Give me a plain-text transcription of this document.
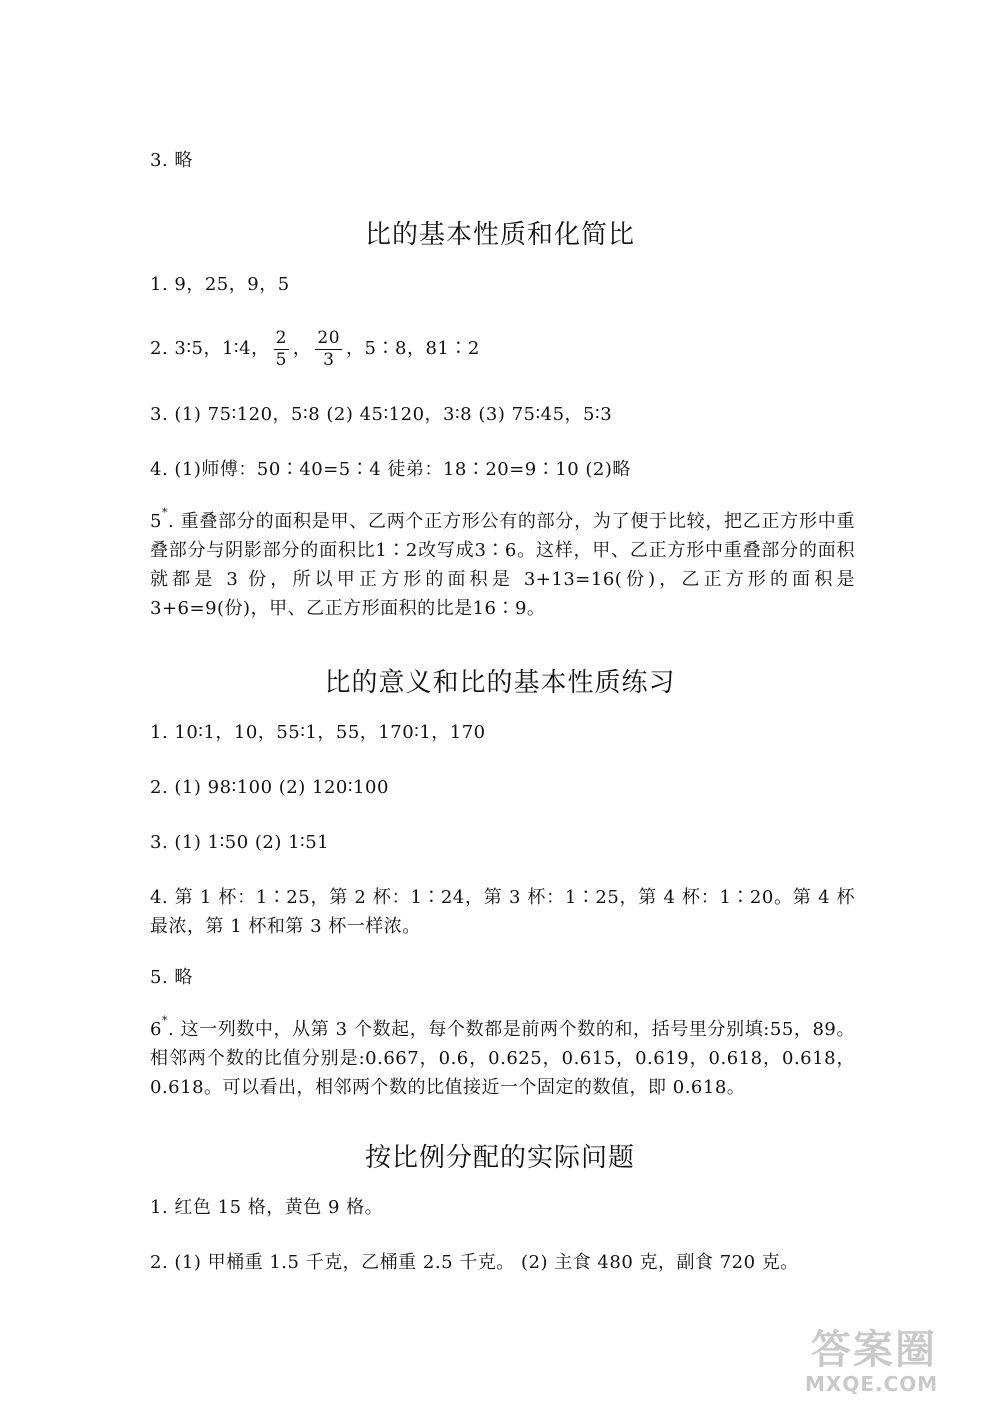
3. 略
比的基本性质和化简比
1. 9，25，9，5
2. 3∶5，1∶4， $\frac{2}{5}$ ， $\frac{20}{3}$ ，5∶8，81∶2
3. (1) 75∶120，5∶8 (2) 45∶120，3∶8 (3) 75∶45，5∶3
4. (1)师傅：50∶40=5∶4 徒弟：18∶20=9∶10 (2)略
5*. 重叠部分的面积是甲、乙两个正方形公有的部分，为了便于比较，把乙正方形中重叠部分与阴影部分的面积比1∶2改写成3∶6。这样，甲、乙正方形中重叠部分的面积就都是 3 份，所以甲正方形的面积是 3+13=16(份)，乙正方形的面积是 3+6=9(份)，甲、乙正方形面积的比是16∶9。
比的意义和比的基本性质练习
1. 10∶1，10，55∶1，55，170∶1，170
2. (1) 98∶100 (2) 120∶100
3. (1) 1∶50 (2) 1∶51
4. 第 1 杯：1∶25，第 2 杯：1∶24，第 3 杯：1∶25，第 4 杯：1∶20。第 4 杯最浓，第 1 杯和第 3 杯一样浓。
5. 略
6*. 这一列数中，从第 3 个数起，每个数都是前两个数的和，括号里分别填:55，89。相邻两个数的比值分别是:0.667，0.6，0.625，0.615，0.619，0.618，0.618，0.618。可以看出，相邻两个数的比值接近一个固定的数值，即 0.618。
按比例分配的实际问题
1. 红色 15 格，黄色 9 格。
2. (1) 甲桶重 1.5 千克，乙桶重 2.5 千克。 (2) 主食 480 克，副食 720 克。
答案圈
MXQE.COM
